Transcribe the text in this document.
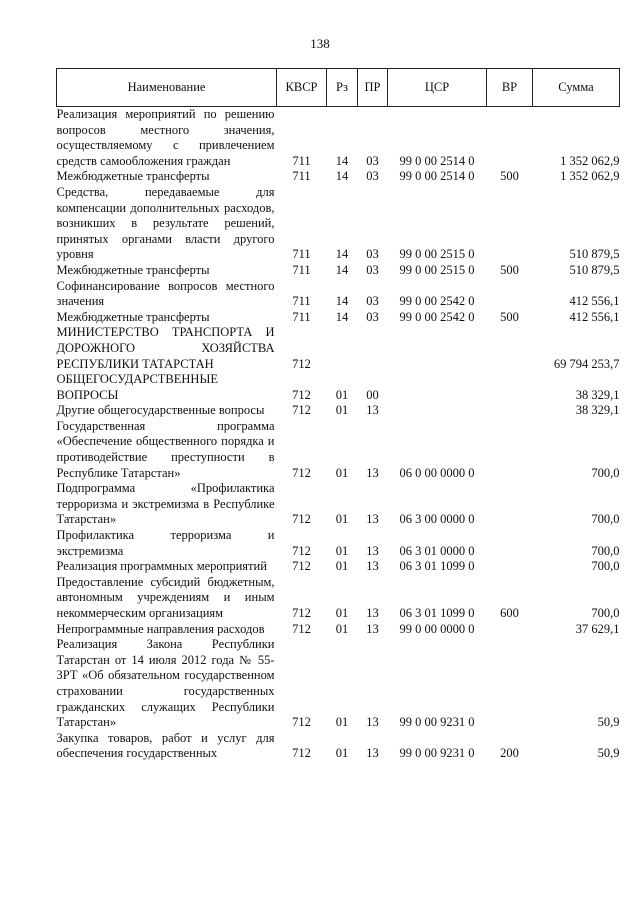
138
Наименование	КВСР	Рз	ПР	ЦСР	ВР	Сумма
Реализация мероприятий по решению вопросов местного значения, осуществляемому с привлечением средств самообложения граждан	711	14	03	99 0 00 2514 0		1 352 062,9
Межбюджетные трансферты	711	14	03	99 0 00 2514 0	500	1 352 062,9
Средства, передаваемые для компенсации дополнительных расходов, возникших в результате решений, принятых органами власти другого уровня	711	14	03	99 0 00 2515 0		510 879,5
Межбюджетные трансферты	711	14	03	99 0 00 2515 0	500	510 879,5
Софинансирование вопросов местного значения	711	14	03	99 0 00 2542 0		412 556,1
Межбюджетные трансферты	711	14	03	99 0 00 2542 0	500	412 556,1
МИНИСТЕРСТВО ТРАНСПОРТА И ДОРОЖНОГО ХОЗЯЙСТВА РЕСПУБЛИКИ ТАТАРСТАН	712					69 794 253,7
ОБЩЕГОСУДАРСТВЕННЫЕ ВОПРОСЫ	712	01	00			38 329,1
Другие общегосударственные вопросы	712	01	13			38 329,1
Государственная программа «Обеспечение общественного порядка и противодействие преступности в Республике Татарстан»	712	01	13	06 0 00 0000 0		700,0
Подпрограмма «Профилактика терроризма и экстремизма в Республике Татарстан»	712	01	13	06 3 00 0000 0		700,0
Профилактика терроризма и экстремизма	712	01	13	06 3 01 0000 0		700,0
Реализация программных мероприятий	712	01	13	06 3 01 1099 0		700,0
Предоставление субсидий бюджетным, автономным учреждениям и иным некоммерческим организациям	712	01	13	06 3 01 1099 0	600	700,0
Непрограммные направления расходов	712	01	13	99 0 00 0000 0		37 629,1
Реализация Закона Республики Татарстан от 14 июля 2012 года № 55-ЗРТ «Об обязательном государственном страховании государственных гражданских служащих Республики Татарстан»	712	01	13	99 0 00 9231 0		50,9
Закупка товаров, работ и услуг для обеспечения государственных	712	01	13	99 0 00 9231 0	200	50,9
